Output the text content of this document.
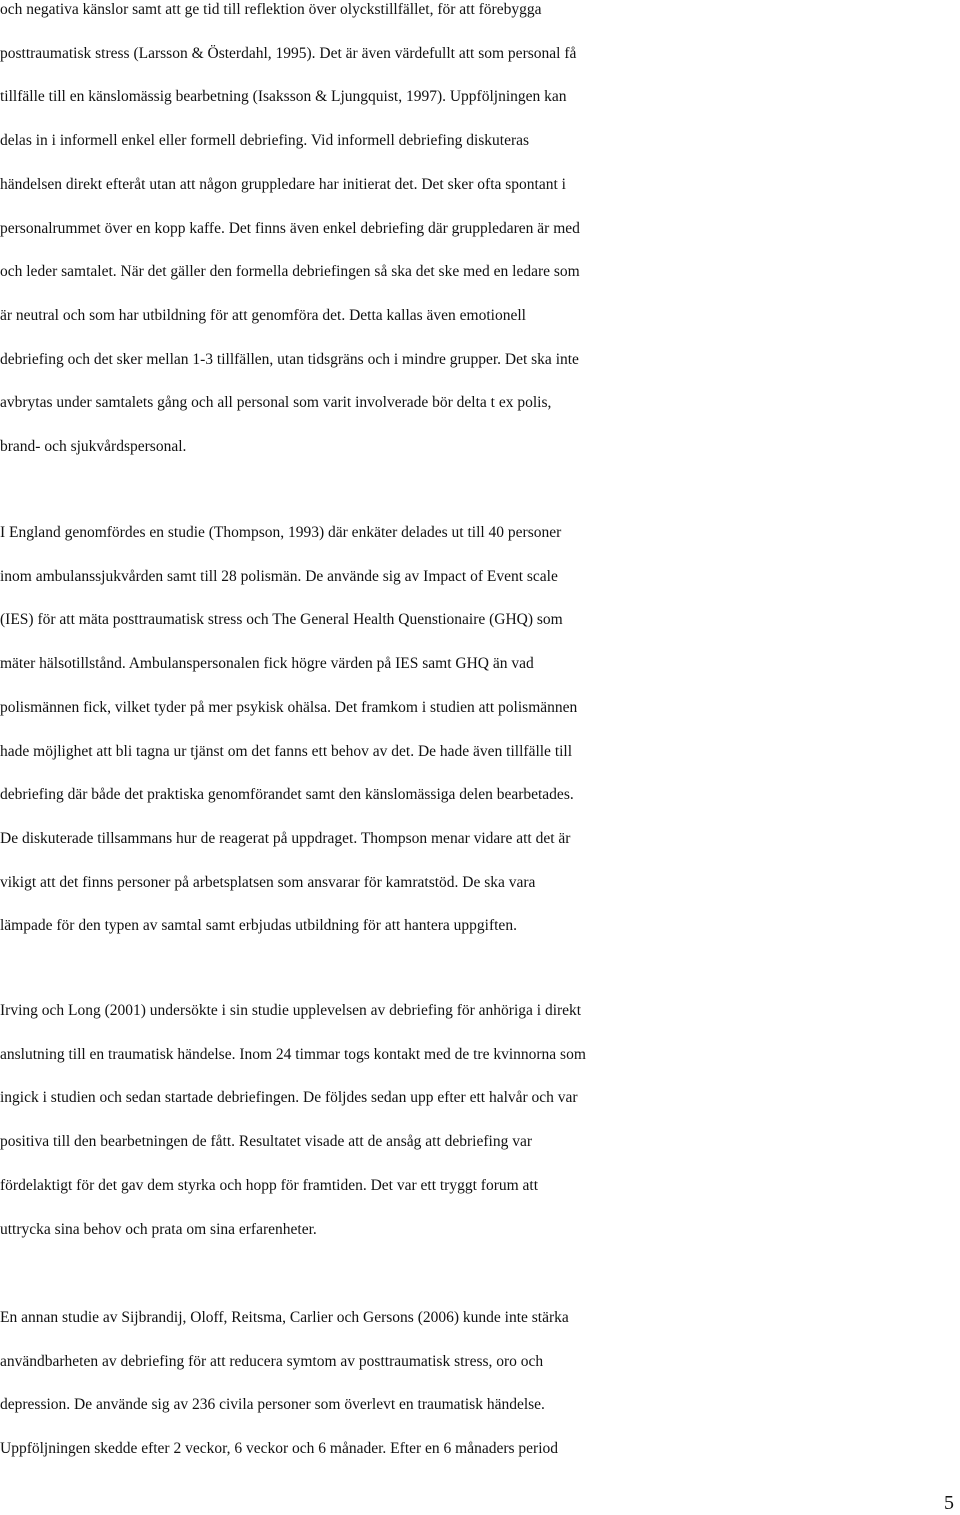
och negativa känslor samt att ge tid till reflektion över olyckstillfället, för att förebygga
posttraumatisk stress (Larsson & Österdahl, 1995). Det är även värdefullt att som personal få
tillfälle till en känslomässig bearbetning (Isaksson & Ljungquist, 1997). Uppföljningen kan
delas in i informell enkel eller formell debriefing. Vid informell debriefing diskuteras
händelsen direkt efteråt utan att någon gruppledare har initierat det. Det sker ofta spontant i
personalrummet över en kopp kaffe. Det finns även enkel debriefing där gruppledaren är med
och leder samtalet. När det gäller den formella debriefingen så ska det ske med en ledare som
är neutral och som har utbildning för att genomföra det. Detta kallas även emotionell
debriefing och det sker mellan 1-3 tillfällen, utan tidsgräns och i mindre grupper. Det ska inte
avbrytas under samtalets gång och all personal som varit involverade bör delta t ex polis,
brand- och sjukvårdspersonal.

I England genomfördes en studie (Thompson, 1993) där enkäter delades ut till 40 personer
inom ambulanssjukvården samt till 28 polismän. De använde sig av Impact of Event scale
(IES) för att mäta posttraumatisk stress och The General Health Quenstionaire (GHQ) som
mäter hälsotillstånd. Ambulanspersonalen fick högre värden på IES samt GHQ än vad
polismännen fick, vilket tyder på mer psykisk ohälsa. Det framkom i studien att polismännen
hade möjlighet att bli tagna ur tjänst om det fanns ett behov av det. De hade även tillfälle till
debriefing där både det praktiska genomförandet samt den känslomässiga delen bearbetades.
De diskuterade tillsammans hur de reagerat på uppdraget. Thompson menar vidare att det är
vikigt att det finns personer på arbetsplatsen som ansvarar för kamratstöd. De ska vara
lämpade för den typen av samtal samt erbjudas utbildning för att hantera uppgiften.

Irving och Long (2001) undersökte i sin studie upplevelsen av debriefing för anhöriga i direkt
anslutning till en traumatisk händelse. Inom 24 timmar togs kontakt med de tre kvinnorna som
ingick i studien och sedan startade debriefingen. De följdes sedan upp efter ett halvår och var
positiva till den bearbetningen de fått. Resultatet visade att de ansåg att debriefing var
fördelaktigt för det gav dem styrka och hopp för framtiden. Det var ett tryggt forum att
uttrycka sina behov och prata om sina erfarenheter.

En annan studie av Sijbrandij, Oloff, Reitsma, Carlier och Gersons (2006) kunde inte stärka
användbarheten av debriefing för att reducera symtom av posttraumatisk stress, oro och
depression. De använde sig av 236 civila personer som överlevt en traumatisk händelse.
Uppföljningen skedde efter 2 veckor, 6 veckor och 6 månader. Efter en 6 månaders period

5
